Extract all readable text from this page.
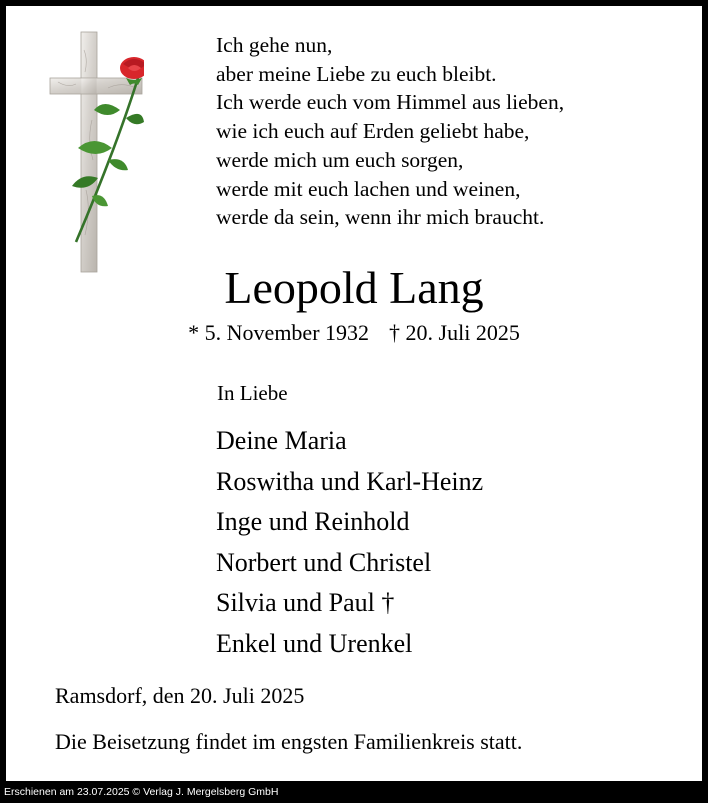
Ich gehe nun,
aber meine Liebe zu euch bleibt.
Ich werde euch vom Himmel aus lieben,
wie ich euch auf Erden geliebt habe,
werde mich um euch sorgen,
werde mit euch lachen und weinen,
werde da sein, wenn ihr mich braucht.
Leopold Lang
* 5. November 1932 † 20. Juli 2025
In Liebe
Deine Maria
Roswitha und Karl-Heinz
Inge und Reinhold
Norbert und Christel
Silvia und Paul †
Enkel und Urenkel
Ramsdorf, den 20. Juli 2025
Die Beisetzung findet im engsten Familienkreis statt.
Erschienen am 23.07.2025 © Verlag J. Mergelsberg GmbH
